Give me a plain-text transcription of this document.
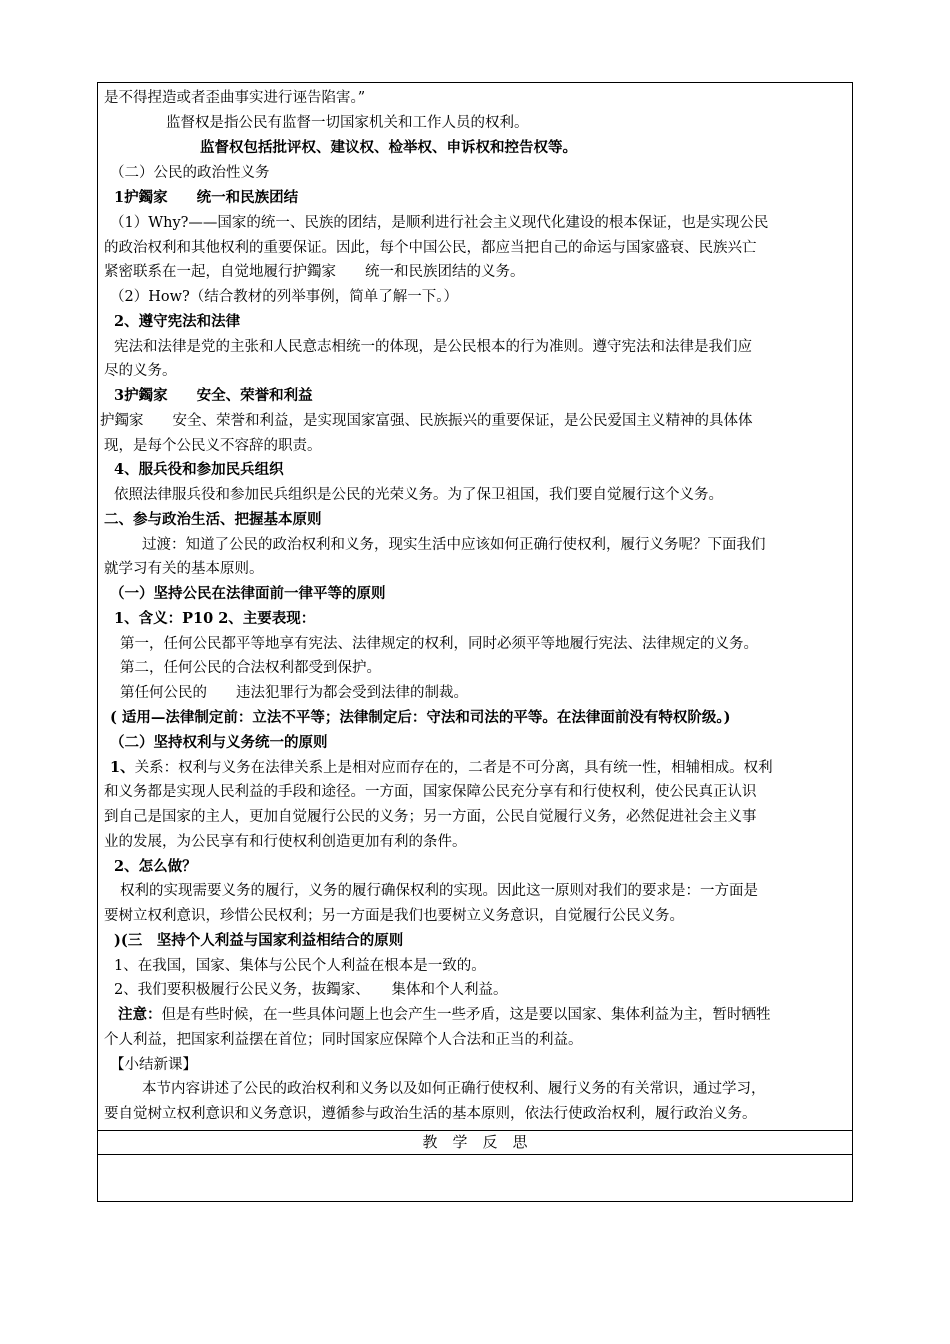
是不得捏造或者歪曲事实进行诬告陷害。”
监督权是指公民有监督一切国家机关和工作人员的权利。
监督权包括批评权、建议权、检举权、申诉权和控告权等。
（二）公民的政治性义务
1护鐲家　　统一和民族团结
（1）Why?——国家的统一、民族的团结，是顺利进行社会主义现代化建设的根本保证，也是实现公民
的政治权利和其他权利的重要保证。因此，每个中国公民，都应当把自己的命运与国家盛衰、民族兴亡
紧密联系在一起，自觉地履行护鐲家　　统一和民族团结的义务。
（2）How?（结合教材的列举事例，简单了解一下。）
2、遵守宪法和法律
宪法和法律是党的主张和人民意志相统一的体现，是公民根本的行为准则。遵守宪法和法律是我们应
尽的义务。
3护鐲家　　安全、荣誉和利益
护鐲家　　安全、荣誉和利益，是实现国家富强、民族振兴的重要保证，是公民爱国主义精神的具体体
现，是每个公民义不容辞的职责。
4、服兵役和参加民兵组织
依照法律服兵役和参加民兵组织是公民的光荣义务。为了保卫祖国，我们要自觉履行这个义务。
二、参与政治生活、把握基本原则
过渡：知道了公民的政治权利和义务，现实生活中应该如何正确行使权利，履行义务呢？下面我们
就学习有关的基本原则。
（一）坚持公民在法律面前一律平等的原则
1、含义：P10 2、主要表现：
第一，任何公民都平等地享有宪法、法律规定的权利，同时必须平等地履行宪法、法律规定的义务。
第二，任何公民的合法权利都受到保护。
第任何公民的　　违法犯罪行为都会受到法律的制裁。
( 适用—法律制定前：立法不平等；法律制定后：守法和司法的平等。在法律面前没有特权阶级。)
（二）坚持权利与义务统一的原则
1、关系：权利与义务在法律关系上是相对应而存在的，二者是不可分离，具有统一性，相辅相成。权利
和义务都是实现人民利益的手段和途径。一方面，国家保障公民充分享有和行使权利，使公民真正认识
到自己是国家的主人，更加自觉履行公民的义务；另一方面，公民自觉履行义务，必然促进社会主义事
业的发展，为公民享有和行使权利创造更加有利的条件。
2、怎么做？
权利的实现需要义务的履行，义务的履行确保权利的实现。因此这一原则对我们的要求是：一方面是
要树立权利意识，珍惜公民权利；另一方面是我们也要树立义务意识，自觉履行公民义务。
)(三　坚持个人利益与国家利益相结合的原则
1、在我国，国家、集体与公民个人利益在根本是一致的。
2、我们要积极履行公民义务，抜鐲家、　　集体和个人利益。
注意：但是有些时候，在一些具体问题上也会产生一些矛盾，这是要以国家、集体利益为主，暂时牺牲
个人利益，把国家利益摆在首位；同时国家应保障个人合法和正当的利益。
【小结新课】
本节内容讲述了公民的政治权利和义务以及如何正确行使权利、履行义务的有关常识，通过学习，
要自觉树立权利意识和义务意识，遵循参与政治生活的基本原则，依法行使政治权利，履行政治义务。
教　学　反　思
